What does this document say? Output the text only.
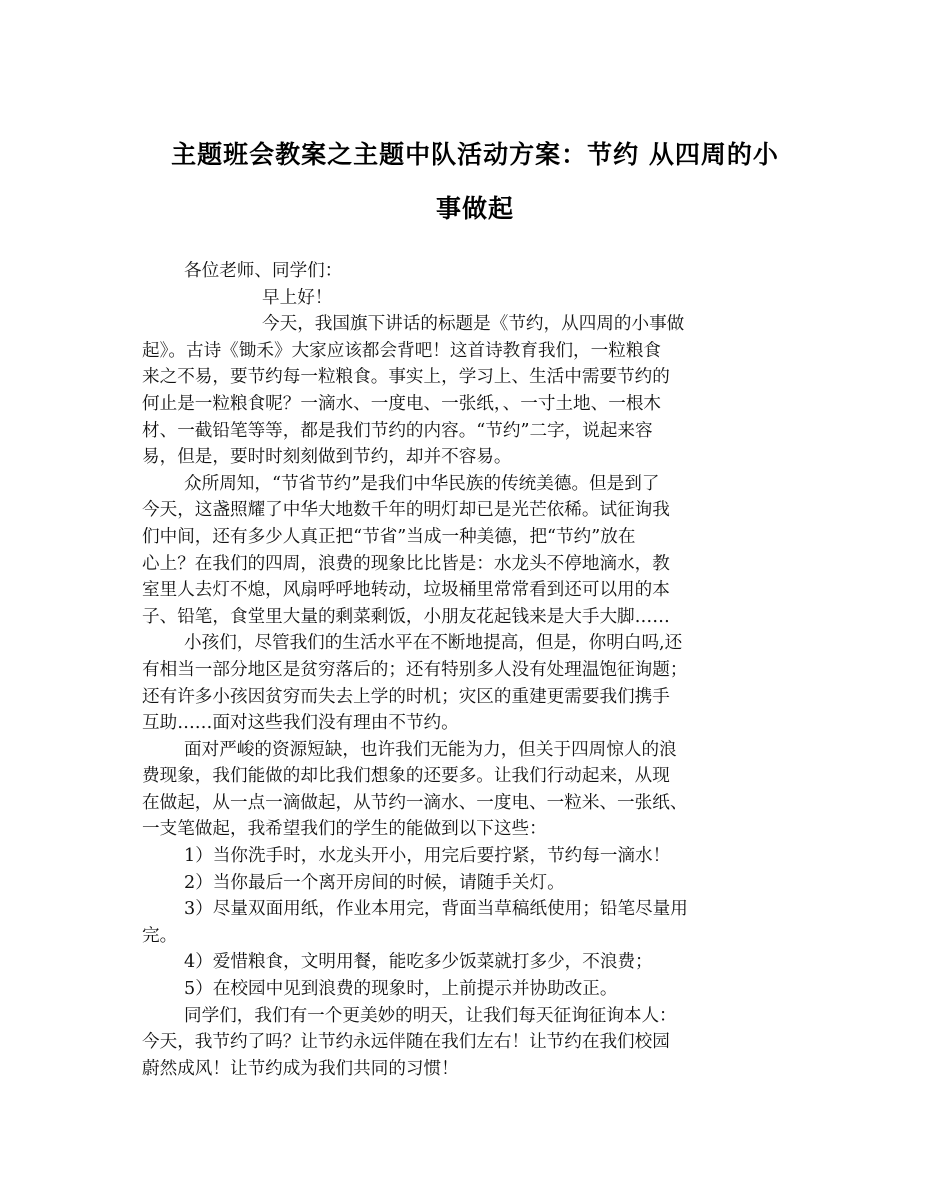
主题班会教案之主题中队活动方案：节约 从四周的小
事做起
各位老师、同学们：
早上好！
今天，我国旗下讲话的标题是《节约，从四周的小事做
起》。古诗《锄禾》大家应该都会背吧！这首诗教育我们，一粒粮食
来之不易，要节约每一粒粮食。事实上，学习上、生活中需要节约的
何止是一粒粮食呢？一滴水、一度电、一张纸，、一寸土地、一根木
材、一截铅笔等等，都是我们节约的内容。“节约”二字，说起来容
易，但是，要时时刻刻做到节约，却并不容易。
众所周知，“节省节约”是我们中华民族的传统美德。但是到了
今天，这盏照耀了中华大地数千年的明灯却已是光芒依稀。试征询我
们中间，还有多少人真正把“节省”当成一种美德，把“节约”放在
心上？在我们的四周，浪费的现象比比皆是：水龙头不停地滴水，教
室里人去灯不熄，风扇呼呼地转动，垃圾桶里常常看到还可以用的本
子、铅笔，食堂里大量的剩菜剩饭，小朋友花起钱来是大手大脚……
小孩们，尽管我们的生活水平在不断地提高，但是，你明白吗,还
有相当一部分地区是贫穷落后的；还有特别多人没有处理温饱征询题；
还有许多小孩因贫穷而失去上学的时机；灾区的重建更需要我们携手
互助……面对这些我们没有理由不节约。
面对严峻的资源短缺，也许我们无能为力，但关于四周惊人的浪
费现象，我们能做的却比我们想象的还要多。让我们行动起来，从现
在做起，从一点一滴做起，从节约一滴水、一度电、一粒米、一张纸、
一支笔做起，我希望我们的学生的能做到以下这些：
1）当你洗手时，水龙头开小，用完后要拧紧，节约每一滴水！
2）当你最后一个离开房间的时候，请随手关灯。
3）尽量双面用纸，作业本用完，背面当草稿纸使用；铅笔尽量用
完。
4）爱惜粮食，文明用餐，能吃多少饭菜就打多少，不浪费；
5）在校园中见到浪费的现象时，上前提示并协助改正。
同学们，我们有一个更美妙的明天，让我们每天征询征询本人：
今天，我节约了吗？让节约永远伴随在我们左右！让节约在我们校园
蔚然成风！让节约成为我们共同的习惯！
